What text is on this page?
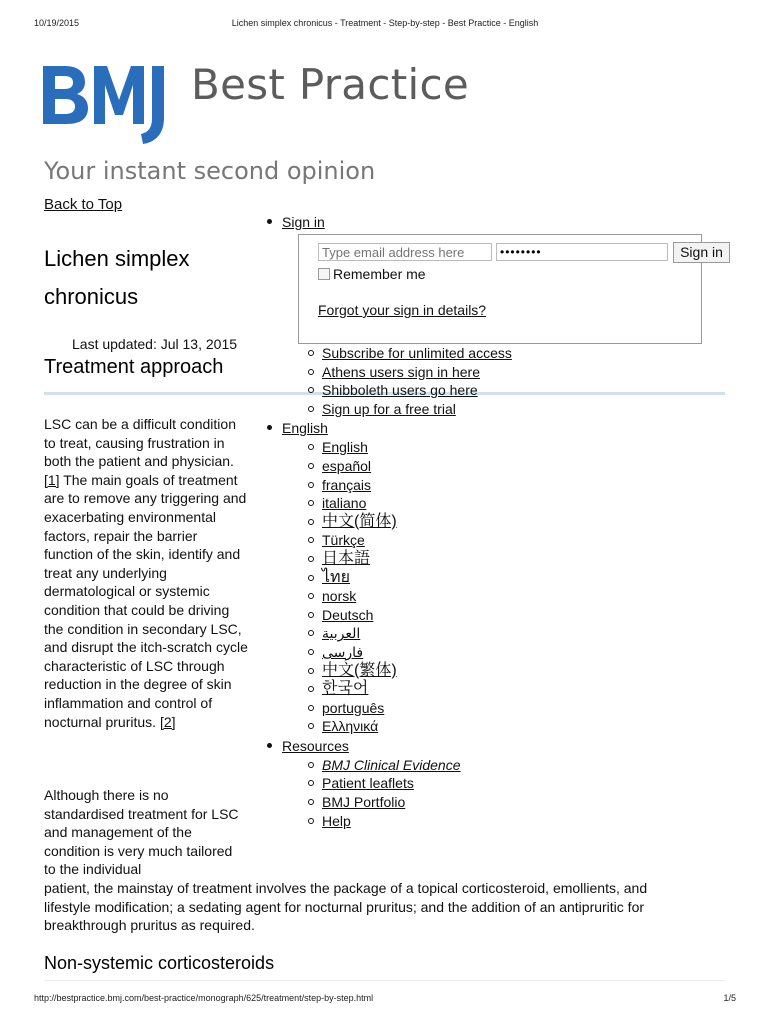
10/19/2015	Lichen simplex chronicus - Treatment - Step-by-step - Best Practice - English
Best Practice
Your instant second opinion
Back to Top
Lichen simplex
chronicus
Last updated: Jul 13, 2015
Treatment approach

LSC can be a difficult condition to treat, causing frustration in both the patient and physician. [1] The main goals of treatment are to remove any triggering and exacerbating environmental factors, repair the barrier function of the skin, identify and treat any underlying dermatological or systemic condition that could be driving the condition in secondary LSC, and disrupt the itch-scratch cycle characteristic of LSC through reduction in the degree of skin inflammation and control of nocturnal pruritus. [2]

Although there is no standardised treatment for LSC and management of the condition is very much tailored to the individual
patient, the mainstay of treatment involves the package of a topical corticosteroid, emollients, and lifestyle modification; a sedating agent for nocturnal pruritus; and the addition of an antipruritic for breakthrough pruritus as required.

Non-systemic corticosteroids
Sign in
Type email address here
••••••••
Sign in
Remember me
Forgot your sign in details?
Subscribe for unlimited access
Athens users sign in here
Shibboleth users go here
Sign up for a free trial
English
English
español
français
italiano
中文(简体)
Türkçe
日本語
ไทย
norsk
Deutsch
العربية
فارسی
中文(繁体)
한국어
português
Ελληνικά
Resources
BMJ Clinical Evidence
Patient leaflets
BMJ Portfolio
Help
http://bestpractice.bmj.com/best-practice/monograph/625/treatment/step-by-step.html	1/5
